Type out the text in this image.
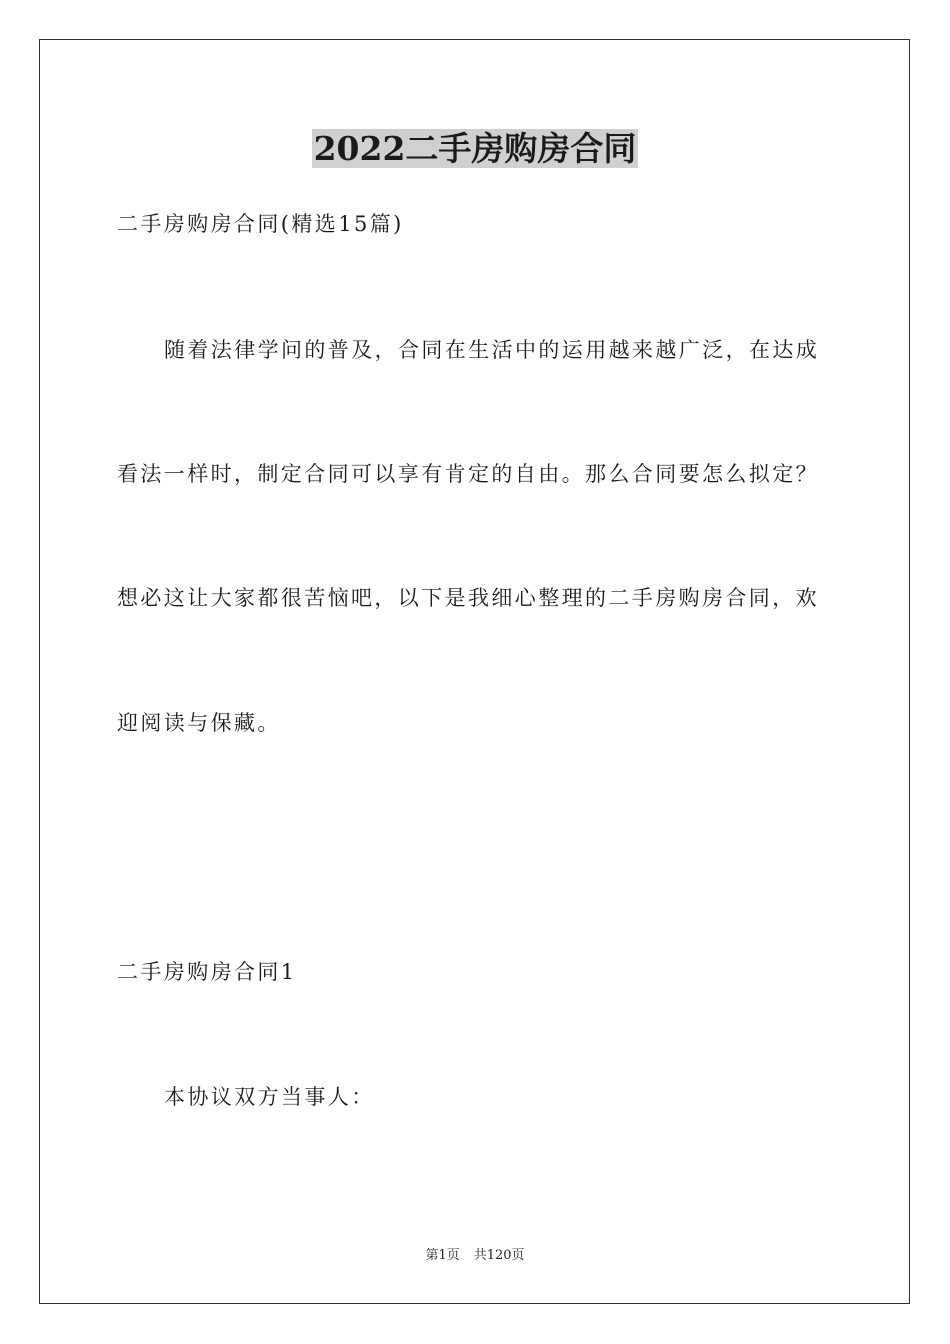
2022二手房购房合同

二手房购房合同(精选15篇)

随着法律学问的普及，合同在生活中的运用越来越广泛，在达成

看法一样时，制定合同可以享有肯定的自由。那么合同要怎么拟定？

想必这让大家都很苦恼吧，以下是我细心整理的二手房购房合同，欢

迎阅读与保藏。

二手房购房合同1

本协议双方当事人：

第1页 共120页
